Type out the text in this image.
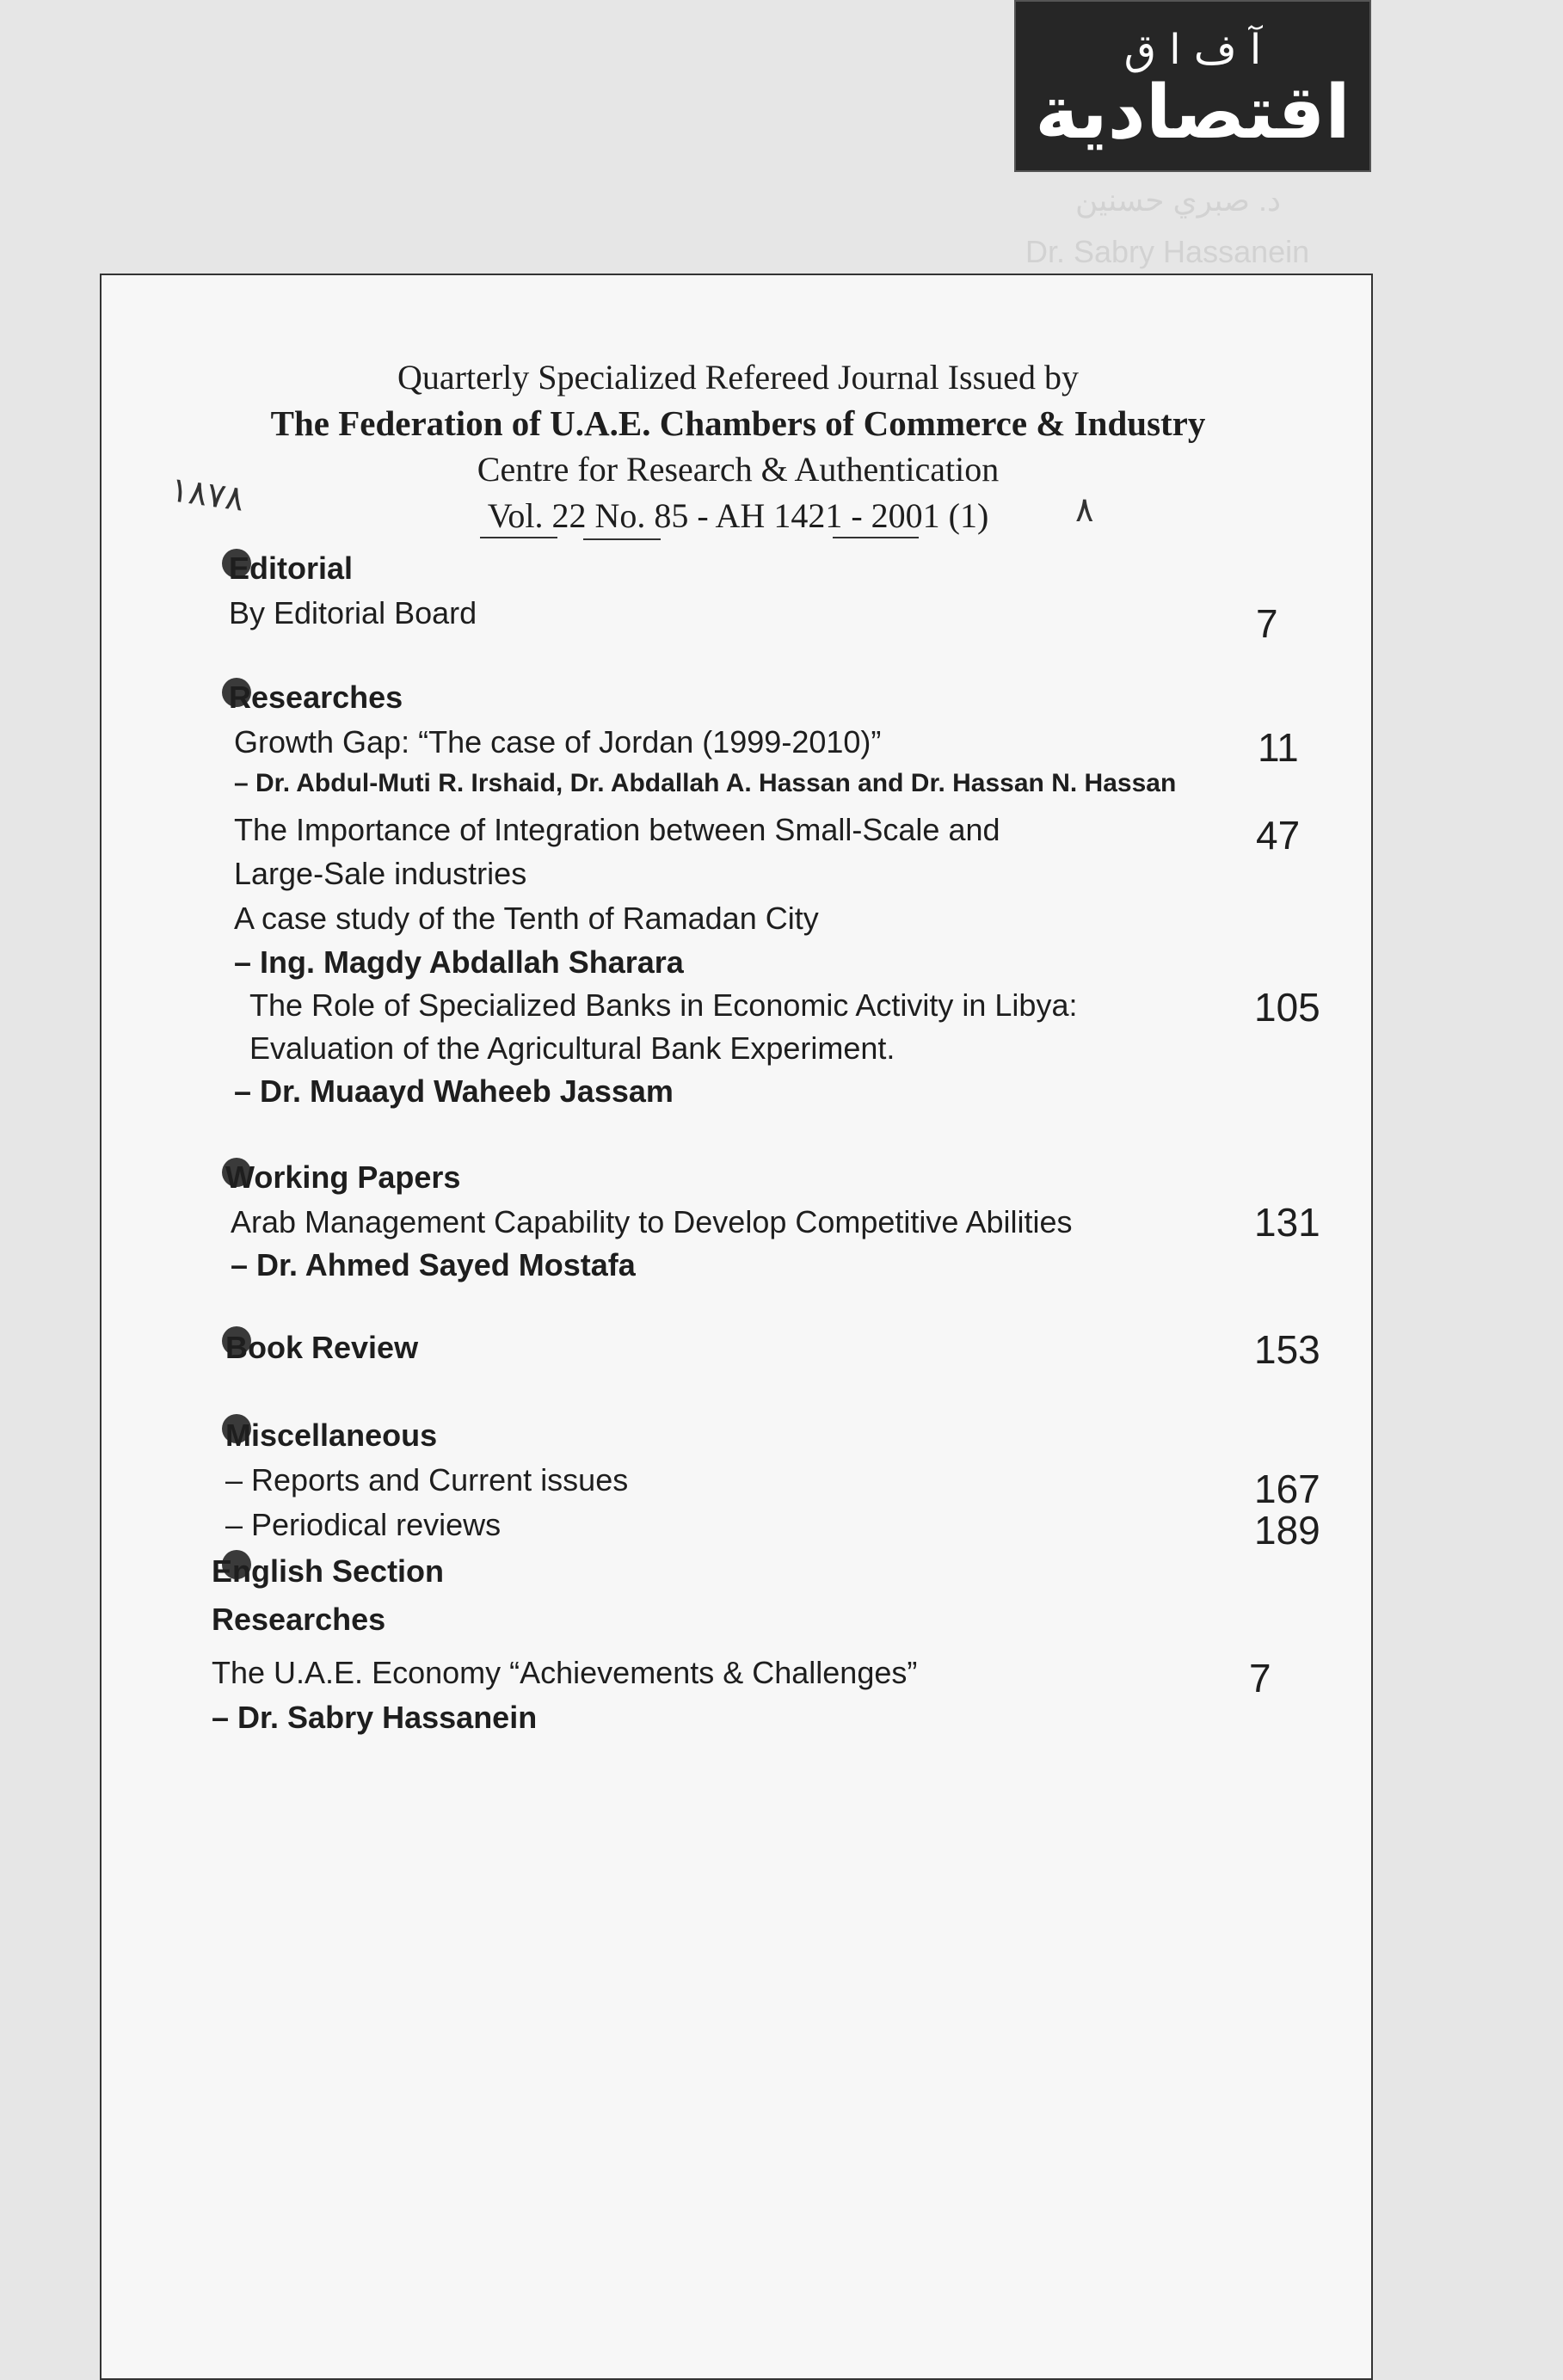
آ ف ا ق
اقتصادية
د. صبري حسنين
Dr. Sabry Hassanein
Quarterly Specialized Refereed Journal Issued by
The Federation of U.A.E. Chambers of Commerce & Industry
Centre for Research & Authentication
Vol. 22 No. 85 - AH 1421 - 2001 (1)
١٨٧٨	٨
Editorial
By Editorial Board	7
Researches
Growth Gap: “The case of Jordan (1999-2010)”	11
– Dr. Abdul-Muti R. Irshaid, Dr. Abdallah A. Hassan and Dr. Hassan N. Hassan
The Importance of Integration between Small-Scale and	47
Large-Sale industries
A case study of the Tenth of Ramadan City
– Ing. Magdy Abdallah Sharara
The Role of Specialized Banks in Economic Activity in Libya:	105
Evaluation of the Agricultural Bank Experiment.
– Dr. Muaayd Waheeb Jassam
Working Papers
Arab Management Capability to Develop Competitive Abilities	131
– Dr. Ahmed Sayed Mostafa
Book Review	153
Miscellaneous
– Reports and Current issues	167
– Periodical reviews	189
English Section
Researches
The U.A.E. Economy “Achievements & Challenges”	7
– Dr. Sabry Hassanein
